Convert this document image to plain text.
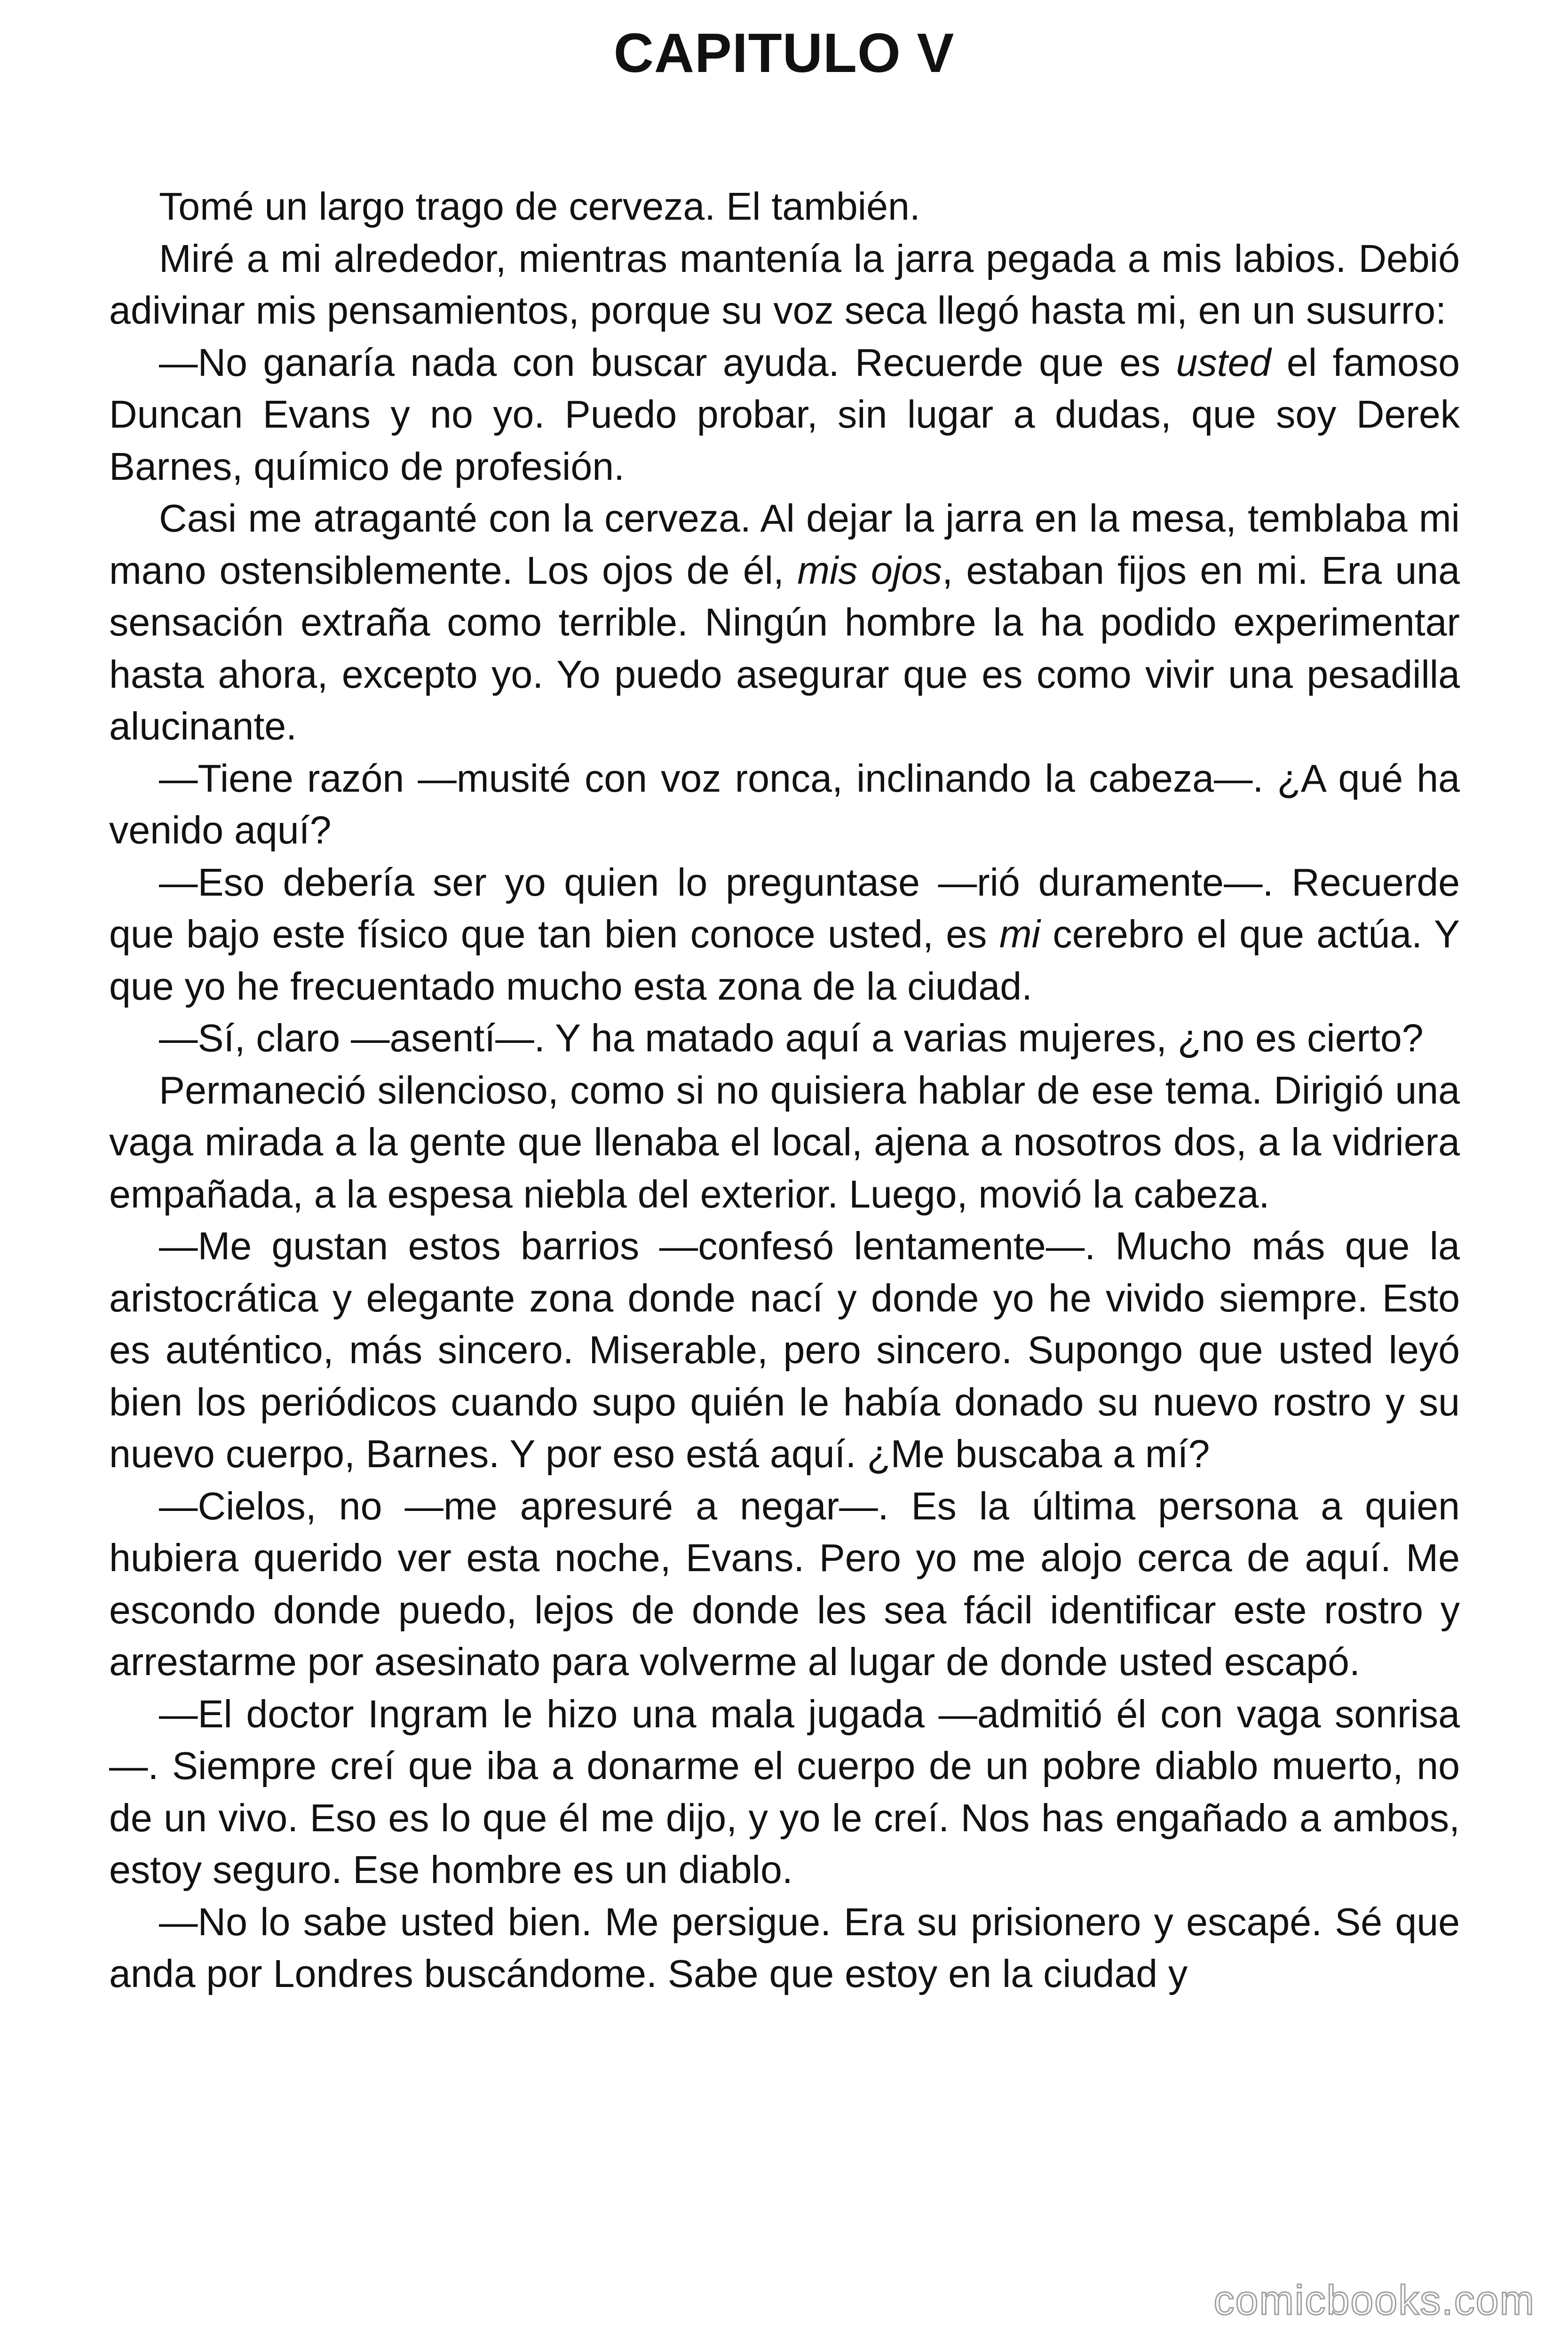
CAPITULO V

Tomé un largo trago de cerveza. El también.

Miré a mi alrededor, mientras mantenía la jarra pegada a mis labios. Debió adivinar mis pensamientos, porque su voz seca llegó hasta mi, en un susurro:

—No ganaría nada con buscar ayuda. Recuerde que es usted el famoso Duncan Evans y no yo. Puedo probar, sin lugar a dudas, que soy Derek Barnes, químico de profesión.

Casi me atraganté con la cerveza. Al dejar la jarra en la mesa, temblaba mi mano ostensiblemente. Los ojos de él, mis ojos, estaban fijos en mi. Era una sensación extraña como terrible. Ningún hombre la ha podido experimentar hasta ahora, excepto yo. Yo puedo asegurar que es como vivir una pesadilla alucinante.

—Tiene razón —musité con voz ronca, inclinando la cabeza—. ¿A qué ha venido aquí?

—Eso debería ser yo quien lo preguntase —rió duramente—. Recuerde que bajo este físico que tan bien conoce usted, es mi cerebro el que actúa. Y que yo he frecuentado mucho esta zona de la ciudad.

—Sí, claro —asentí—. Y ha matado aquí a varias mujeres, ¿no es cierto?

Permaneció silencioso, como si no quisiera hablar de ese tema. Dirigió una vaga mirada a la gente que llenaba el local, ajena a nosotros dos, a la vidriera empañada, a la espesa niebla del exterior. Luego, movió la cabeza.

—Me gustan estos barrios —confesó lentamente—. Mucho más que la aristocrática y elegante zona donde nací y donde yo he vivido siempre. Esto es auténtico, más sincero. Miserable, pero sincero. Supongo que usted leyó bien los periódicos cuando supo quién le había donado su nuevo rostro y su nuevo cuerpo, Barnes. Y por eso está aquí. ¿Me buscaba a mí?

—Cielos, no —me apresuré a negar—. Es la última persona a quien hubiera querido ver esta noche, Evans. Pero yo me alojo cerca de aquí. Me escondo donde puedo, lejos de donde les sea fácil identificar este rostro y arrestarme por asesinato para volverme al lugar de donde usted escapó.

—El doctor Ingram le hizo una mala jugada —admitió él con vaga sonrisa—. Siempre creí que iba a donarme el cuerpo de un pobre diablo muerto, no de un vivo. Eso es lo que él me dijo, y yo le creí. Nos has engañado a ambos, estoy seguro. Ese hombre es un diablo.

—No lo sabe usted bien. Me persigue. Era su prisionero y escapé. Sé que anda por Londres buscándome. Sabe que estoy en la ciudad y

comicbooks.com
